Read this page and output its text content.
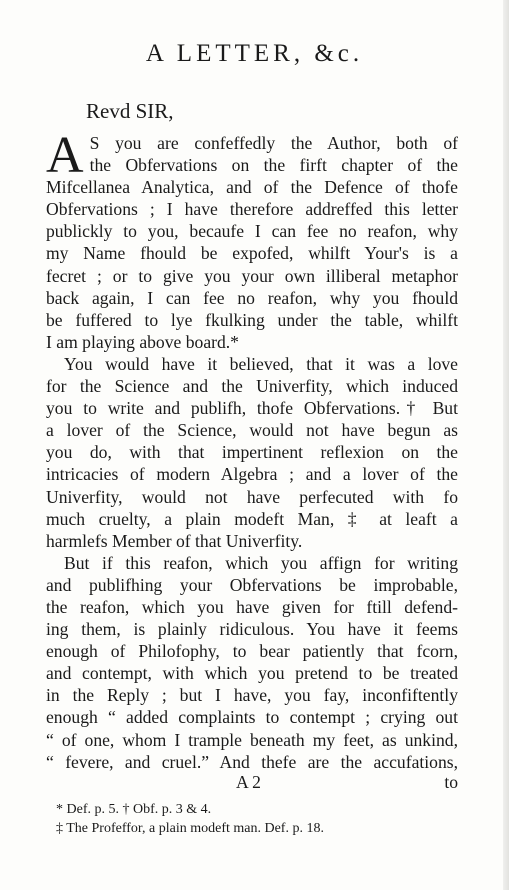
A LETTER, &c.
Revd SIR,
A S you are confeffedly the Author, both of
the Obfervations on the firft chapter of the
Mifcellanea Analytica, and of the Defence of thofe
Obfervations ; I have therefore addreffed this letter
publickly to you, becaufe I can fee no reafon, why
my Name fhould be expofed, whilft Your's is a
fecret ; or to give you your own illiberal metaphor
back again, I can fee no reafon, why you fhould
be fuffered to lye fkulking under the table, whilft
I am playing above board.*
You would have it believed, that it was a love
for the Science and the Univerfity, which induced
you to write and publifh, thofe Obfervations.† But
a lover of the Science, would not have begun as
you do, with that impertinent reflexion on the
intricacies of modern Algebra ; and a lover of the
Univerfity, would not have perfecuted with fo
much cruelty, a plain modeft Man, ‡ at leaft a
harmlefs Member of that Univerfity.
But if this reafon, which you affign for writing
and publifhing your Obfervations be improbable,
the reafon, which you have given for ftill defend-
ing them, is plainly ridiculous. You have it feems
enough of Philofophy, to bear patiently that fcorn,
and contempt, with which you pretend to be treated
in the Reply ; but I have, you fay, inconfiftently
enough “ added complaints to contempt ; crying out
“ of one, whom I trample beneath my feet, as unkind,
“ fevere, and cruel.” And thefe are the accufations,
A 2	to
* Def. p. 5. † Obf. p. 3 & 4.
‡ The Profeffor, a plain modeft man. Def. p. 18.
